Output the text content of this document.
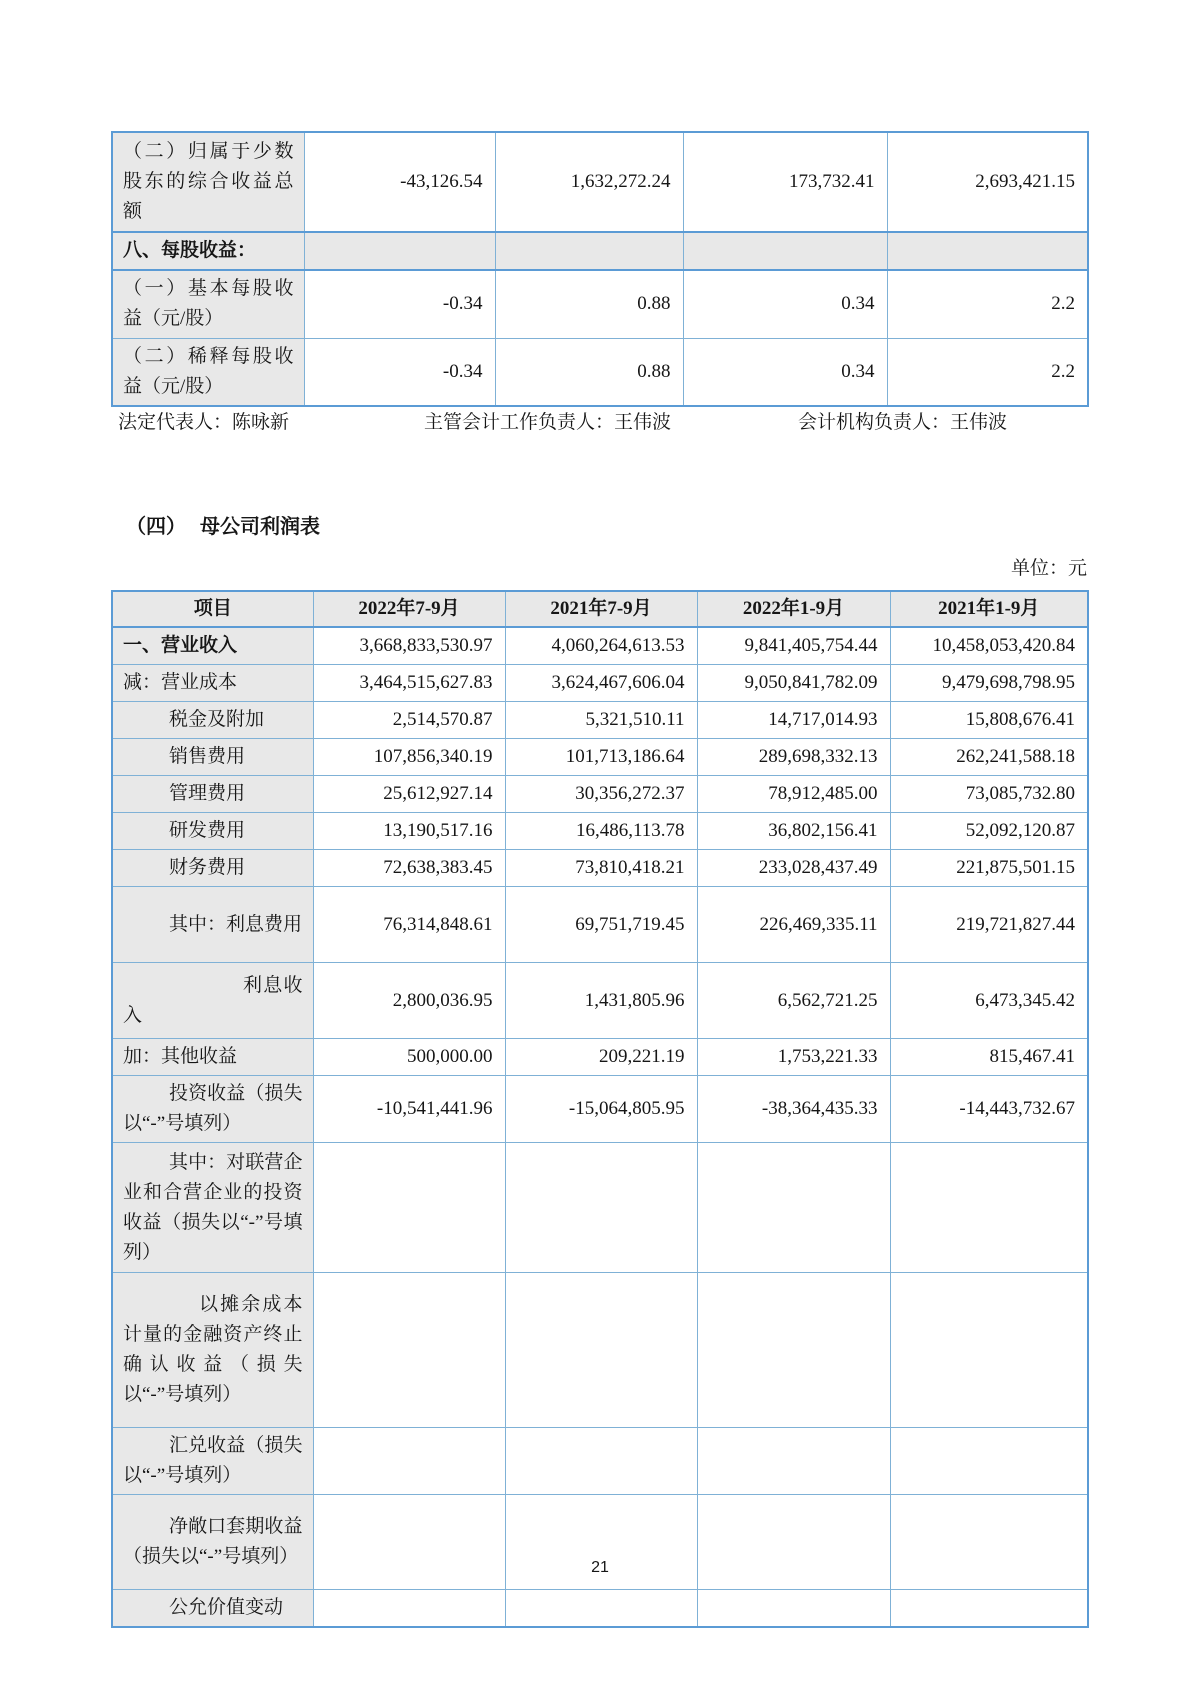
（二）归属于少数股东的综合收益总额	-43,126.54	1,632,272.24	173,732.41	2,693,421.15
八、每股收益：				
（一）基本每股收益（元/股）	-0.34	0.88	0.34	2.2
（二）稀释每股收益（元/股）	-0.34	0.88	0.34	2.2
法定代表人：陈咏新	主管会计工作负责人：王伟波	会计机构负责人：王伟波
（四） 母公司利润表
单位：元
项目	2022年7-9月	2021年7-9月	2022年1-9月	2021年1-9月
一、营业收入	3,668,833,530.97	4,060,264,613.53	9,841,405,754.44	10,458,053,420.84
减：营业成本	3,464,515,627.83	3,624,467,606.04	9,050,841,782.09	9,479,698,798.95
税金及附加	2,514,570.87	5,321,510.11	14,717,014.93	15,808,676.41
销售费用	107,856,340.19	101,713,186.64	289,698,332.13	262,241,588.18
管理费用	25,612,927.14	30,356,272.37	78,912,485.00	73,085,732.80
研发费用	13,190,517.16	16,486,113.78	36,802,156.41	52,092,120.87
财务费用	72,638,383.45	73,810,418.21	233,028,437.49	221,875,501.15
其中：利息费用	76,314,848.61	69,751,719.45	226,469,335.11	219,721,827.44
利息收入	2,800,036.95	1,431,805.96	6,562,721.25	6,473,345.42
加：其他收益	500,000.00	209,221.19	1,753,221.33	815,467.41
投资收益（损失以“-”号填列）	-10,541,441.96	-15,064,805.95	-38,364,435.33	-14,443,732.67
其中：对联营企业和合营企业的投资收益（损失以“-”号填列）				
以摊余成本计量的金融资产终止确认收益（损失以“-”号填列）				
汇兑收益（损失以“-”号填列）				
净敞口套期收益（损失以“-”号填列）				
公允价值变动				
21
